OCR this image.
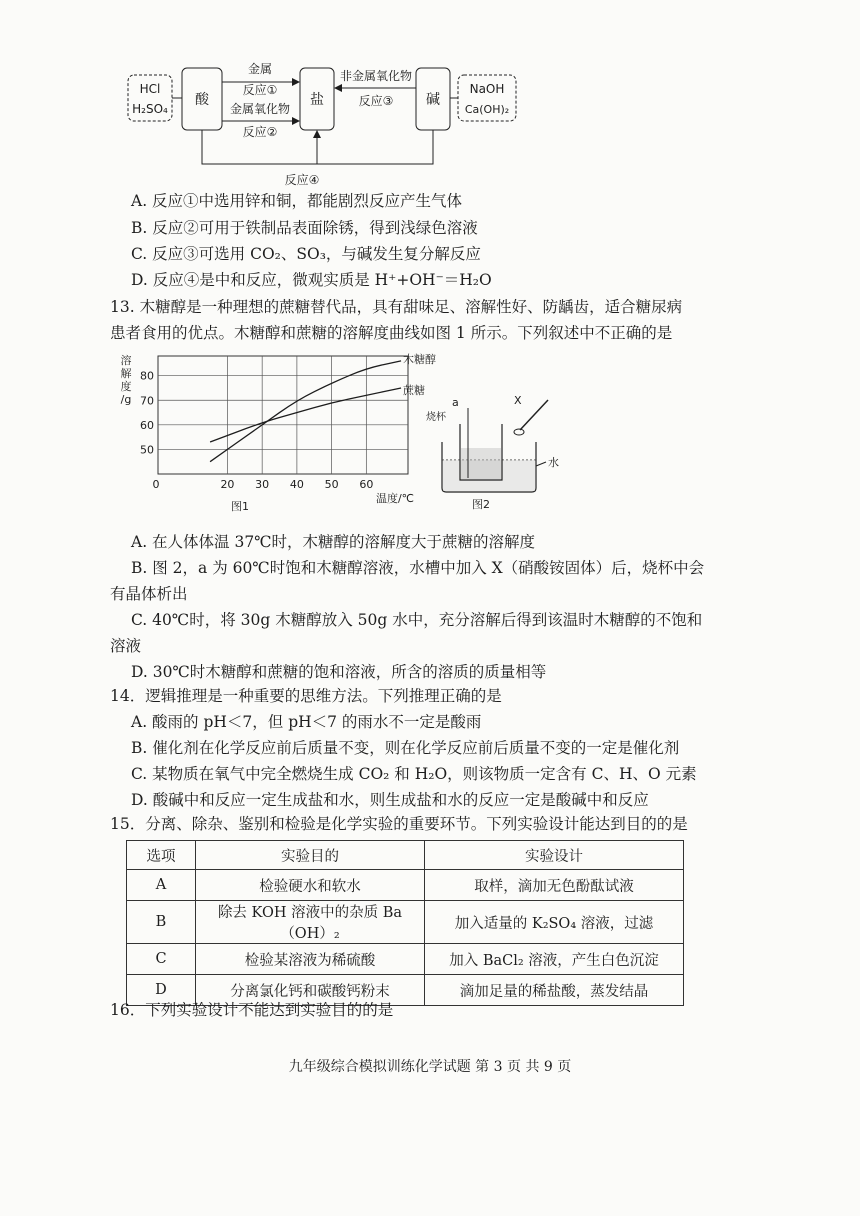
HCl
H₂SO₄
酸	盐	碱
NaOH
Ca(OH)₂
金属
反应①
金属氧化物
反应②
非金属氧化物
反应③
反应④
A. 反应①中选用锌和铜，都能剧烈反应产生气体
B. 反应②可用于铁制品表面除锈，得到浅绿色溶液
C. 反应③可选用 CO₂、SO₃，与碱发生复分解反应
D. 反应④是中和反应，微观实质是 H⁺+OH⁻＝H₂O
13. 木糖醇是一种理想的蔗糖替代品，具有甜味足、溶解性好、防龋齿，适合糖尿病
患者食用的优点。木糖醇和蔗糖的溶解度曲线如图 1 所示。下列叙述中不正确的是
溶
解
度
/g
50
60
70
80
0	20 30 40 50 60
木糖醇
蔗糖
温度/℃
图1
a	X
烧杯
水
图2
A. 在人体体温 37℃时，木糖醇的溶解度大于蔗糖的溶解度
B. 图 2，a 为 60℃时饱和木糖醇溶液，水槽中加入 X（硝酸铵固体）后，烧杯中会
有晶体析出
C. 40℃时，将 30g 木糖醇放入 50g 水中，充分溶解后得到该温时木糖醇的不饱和
溶液
D. 30℃时木糖醇和蔗糖的饱和溶液，所含的溶质的质量相等
14．逻辑推理是一种重要的思维方法。下列推理正确的是
A. 酸雨的 pH＜7，但 pH＜7 的雨水不一定是酸雨
B. 催化剂在化学反应前后质量不变，则在化学反应前后质量不变的一定是催化剂
C. 某物质在氧气中完全燃烧生成 CO₂ 和 H₂O，则该物质一定含有 C、H、O 元素
D. 酸碱中和反应一定生成盐和水，则生成盐和水的反应一定是酸碱中和反应
15．分离、除杂、鉴别和检验是化学实验的重要环节。下列实验设计能达到目的的是
选项	实验目的	实验设计
A	检验硬水和软水	取样，滴加无色酚酞试液
B	除去 KOH 溶液中的杂质 Ba（OH）₂	加入适量的 K₂SO₄ 溶液，过滤
C	检验某溶液为稀硫酸	加入 BaCl₂ 溶液，产生白色沉淀
D	分离氯化钙和碳酸钙粉末	滴加足量的稀盐酸，蒸发结晶
16．下列实验设计不能达到实验目的的是
九年级综合模拟训练化学试题 第 3 页 共 9 页
